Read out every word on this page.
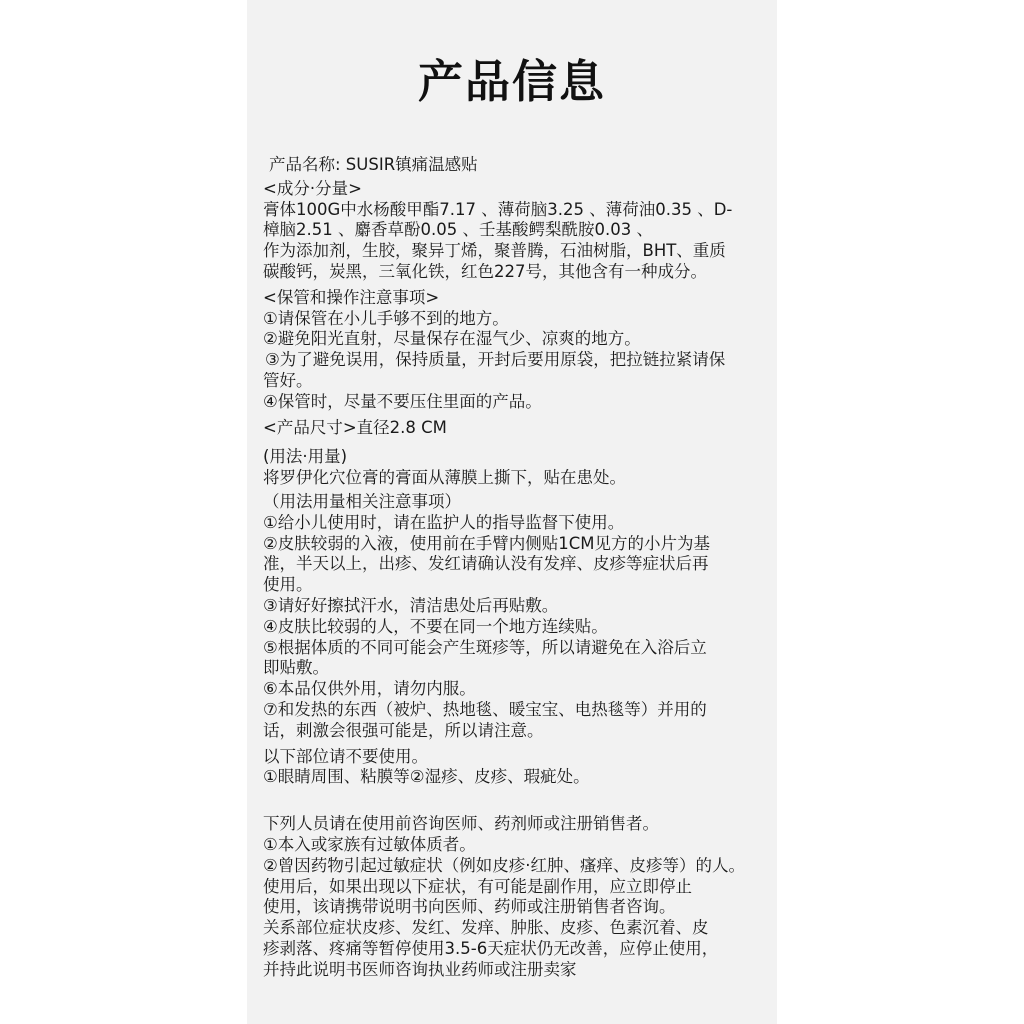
产品信息
产品名称: SUSIR镇痛温感贴
<成分·分量>
膏体100G中水杨酸甲酯7.17 、薄荷脑3.25 、薄荷油0.35 、D-
樟脑2.51 、麝香草酚0.05 、壬基酸鳄梨酰胺0.03 、
作为添加剂，生胶，聚异丁烯，聚普腾，石油树脂，BHT、重质
碳酸钙，炭黑，三氧化铁，红色227号，其他含有一种成分。
<保管和操作注意事项>
①请保管在小儿手够不到的地方。
②避免阳光直射，尽量保存在湿气少、凉爽的地方。
③为了避免误用，保持质量，开封后要用原袋，把拉链拉紧请保
管好。
④保管时，尽量不要压住里面的产品。
<产品尺寸>直径2.8 CM
(用法·用量)
将罗伊化穴位膏的膏面从薄膜上撕下，贴在患处。
（用法用量相关注意事项）
①给小儿使用时，请在监护人的指导监督下使用。
②皮肤较弱的入液，使用前在手臂内侧贴1CM见方的小片为基
准，半天以上，出疹、发红请确认没有发痒、皮疹等症状后再
使用。
③请好好擦拭汗水，清洁患处后再贴敷。
④皮肤比较弱的人，不要在同一个地方连续贴。
⑤根据体质的不同可能会产生斑疹等，所以请避免在入浴后立
即贴敷。
⑥本品仅供外用，请勿内服。
⑦和发热的东西（被炉、热地毯、暖宝宝、电热毯等）并用的
话，刺激会很强可能是，所以请注意。
以下部位请不要使用。
①眼睛周围、粘膜等②湿疹、皮疹、瑕疵处。
下列人员请在使用前咨询医师、药剂师或注册销售者。
①本入或家族有过敏体质者。
②曾因药物引起过敏症状（例如皮疹·红肿、瘙痒、皮疹等）的人。
使用后，如果出现以下症状，有可能是副作用，应立即停止
使用，该请携带说明书向医师、药师或注册销售者咨询。
关系部位症状皮疹、发红、发痒、肿胀、皮疹、色素沉着、皮
疹剥落、疼痛等暂停使用3.5-6天症状仍无改善，应停止使用，
并持此说明书医师咨询执业药师或注册卖家
